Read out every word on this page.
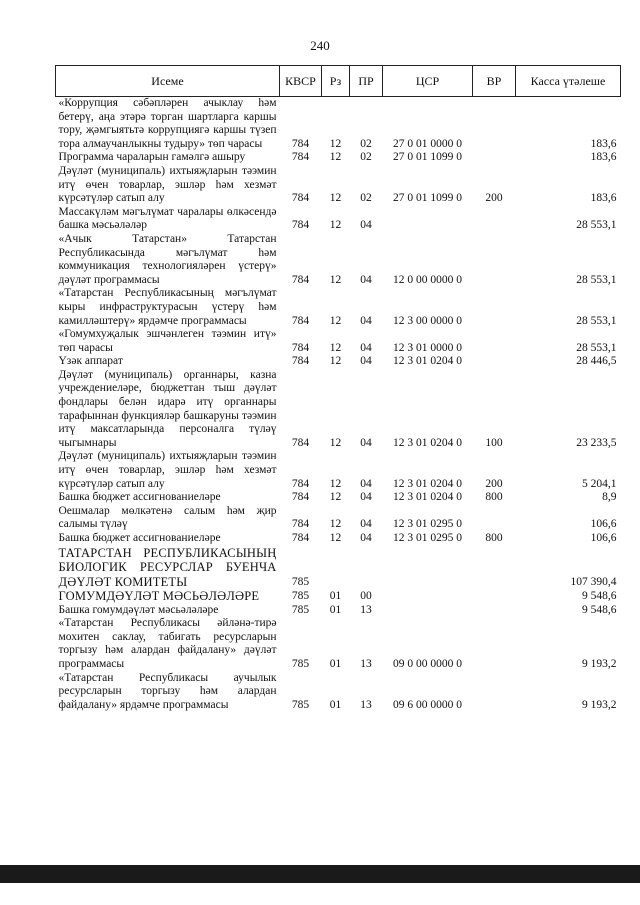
240
Исеме	КВСР	Рз	ПР	ЦСР	ВР	Касса үтәлеше
«Коррупция сәбәпләрен ачыклау һәм бетерү, аңа этәрә торган шартларга каршы тору, җәмгыятьтә коррупциягә каршы түзеп тора алмаучанлыкны тудыру» төп чарасы	784	12	02	27 0 01 0000 0		183,6
Программа чараларын гамәлгә ашыру	784	12	02	27 0 01 1099 0		183,6
Дәүләт (муниципаль) ихтыяҗларын тәэмин итү өчен товарлар, эшләр һәм хезмәт күрсәтүләр сатып алу	784	12	02	27 0 01 1099 0	200	183,6
Массакүләм мәгълүмат чаралары өлкәсендә башка мәсьәләләр	784	12	04			28 553,1
«Ачык Татарстан» Татарстан Республикасында мәгълүмат һәм коммуникация технологияләрен үстерү» дәүләт программасы	784	12	04	12 0 00 0000 0		28 553,1
«Татарстан Республикасының мәгълүмат кыры инфраструктурасын үстерү һәм камилләштерү» ярдәмче программасы	784	12	04	12 3 00 0000 0		28 553,1
«Гомумхуҗалык эшчәнлеген тәэмин итү» төп чарасы	784	12	04	12 3 01 0000 0		28 553,1
Үзәк аппарат	784	12	04	12 3 01 0204 0		28 446,5
Дәүләт (муниципаль) органнары, казна учреждениеләре, бюджеттан тыш дәүләт фондлары белән идарә итү органнары тарафыннан функцияләр башкаруны тәэмин итү максатларында персоналга түләү чыгымнары	784	12	04	12 3 01 0204 0	100	23 233,5
Дәүләт (муниципаль) ихтыяҗларын тәэмин итү өчен товарлар, эшләр һәм хезмәт күрсәтүләр сатып алу	784	12	04	12 3 01 0204 0	200	5 204,1
Башка бюджет ассигнованиеләре	784	12	04	12 3 01 0204 0	800	8,9
Оешмалар мөлкәтенә салым һәм җир салымы түләү	784	12	04	12 3 01 0295 0		106,6
Башка бюджет ассигнованиеләре	784	12	04	12 3 01 0295 0	800	106,6
ТАТАРСТАН РЕСПУБЛИКАСЫНЫҢ БИОЛОГИК РЕСУРСЛАР БУЕНЧА ДӘҮЛӘТ КОМИТЕТЫ	785					107 390,4
ГОМУМДӘҮЛӘТ МӘСЬӘЛӘЛӘРЕ	785	01	00			9 548,6
Башка гомумдәүләт мәсьәләләре	785	01	13			9 548,6
«Татарстан Республикасы әйләнә-тирә мохитен саклау, табигать ресурсларын торгызу һәм алардан файдалану» дәүләт программасы	785	01	13	09 0 00 0000 0		9 193,2
«Татарстан Республикасы аучылык ресурсларын торгызу һәм алардан файдалану» ярдәмче программасы	785	01	13	09 6 00 0000 0		9 193,2
